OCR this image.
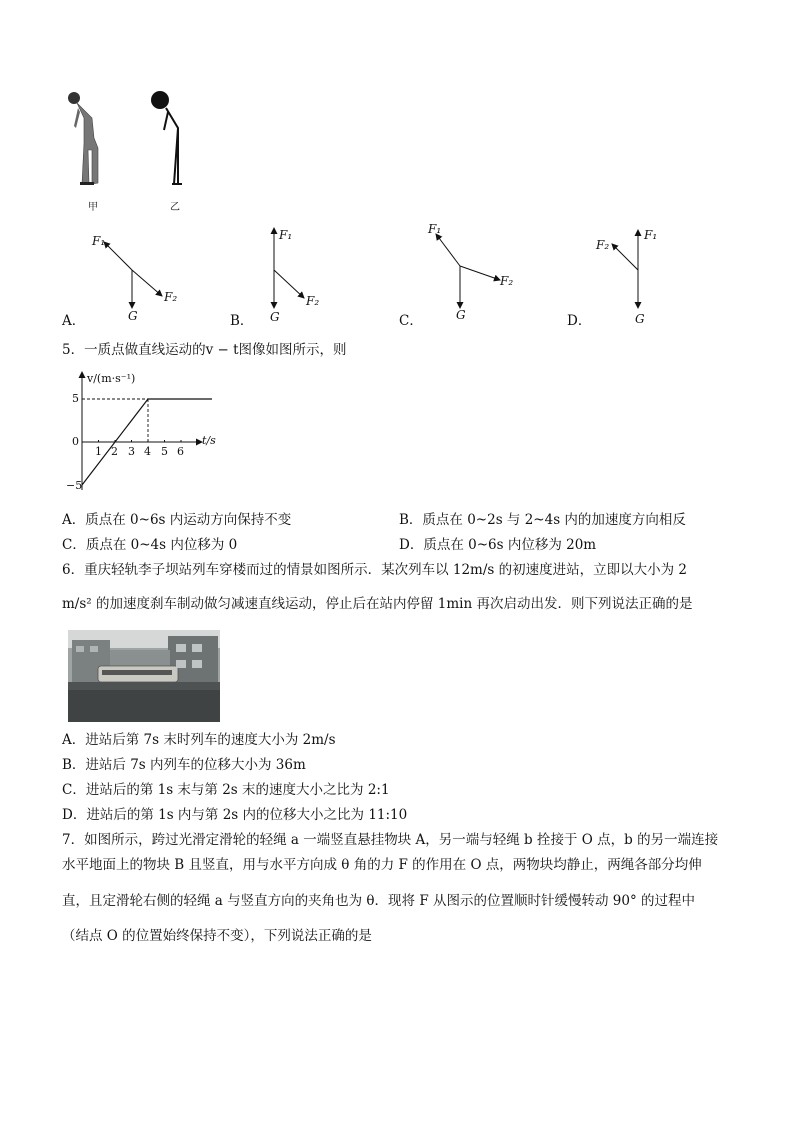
甲	乙
F₁
F₂
G
A．
F₁
F₂
G
B．
F₁
F₂
G
C．
F₁
F₂
G
D．
5．一质点做直线运动的v − t图像如图所示，则
v/(m·s⁻¹)
t/s
5
0
−5
1 2 3 4 5 6
A．质点在 0~6s 内运动方向保持不变	B．质点在 0~2s 与 2~4s 内的加速度方向相反
C．质点在 0~4s 内位移为 0	D．质点在 0~6s 内位移为 20m
6．重庆轻轨李子坝站列车穿楼而过的情景如图所示．某次列车以 12m/s 的初速度进站，立即以大小为 2
m/s² 的加速度刹车制动做匀减速直线运动，停止后在站内停留 1min 再次启动出发．则下列说法正确的是
A．进站后第 7s 末时列车的速度大小为 2m/s
B．进站后 7s 内列车的位移大小为 36m
C．进站后的第 1s 末与第 2s 末的速度大小之比为 2:1
D．进站后的第 1s 内与第 2s 内的位移大小之比为 11:10
7．如图所示，跨过光滑定滑轮的轻绳 a 一端竖直悬挂物块 A，另一端与轻绳 b 拴接于 O 点，b 的另一端连接
水平地面上的物块 B 且竖直，用与水平方向成 θ 角的力 F 的作用在 O 点，两物块均静止，两绳各部分均伸
直，且定滑轮右侧的轻绳 a 与竖直方向的夹角也为 θ．现将 F 从图示的位置顺时针缓慢转动 90° 的过程中
（结点 O 的位置始终保持不变），下列说法正确的是
